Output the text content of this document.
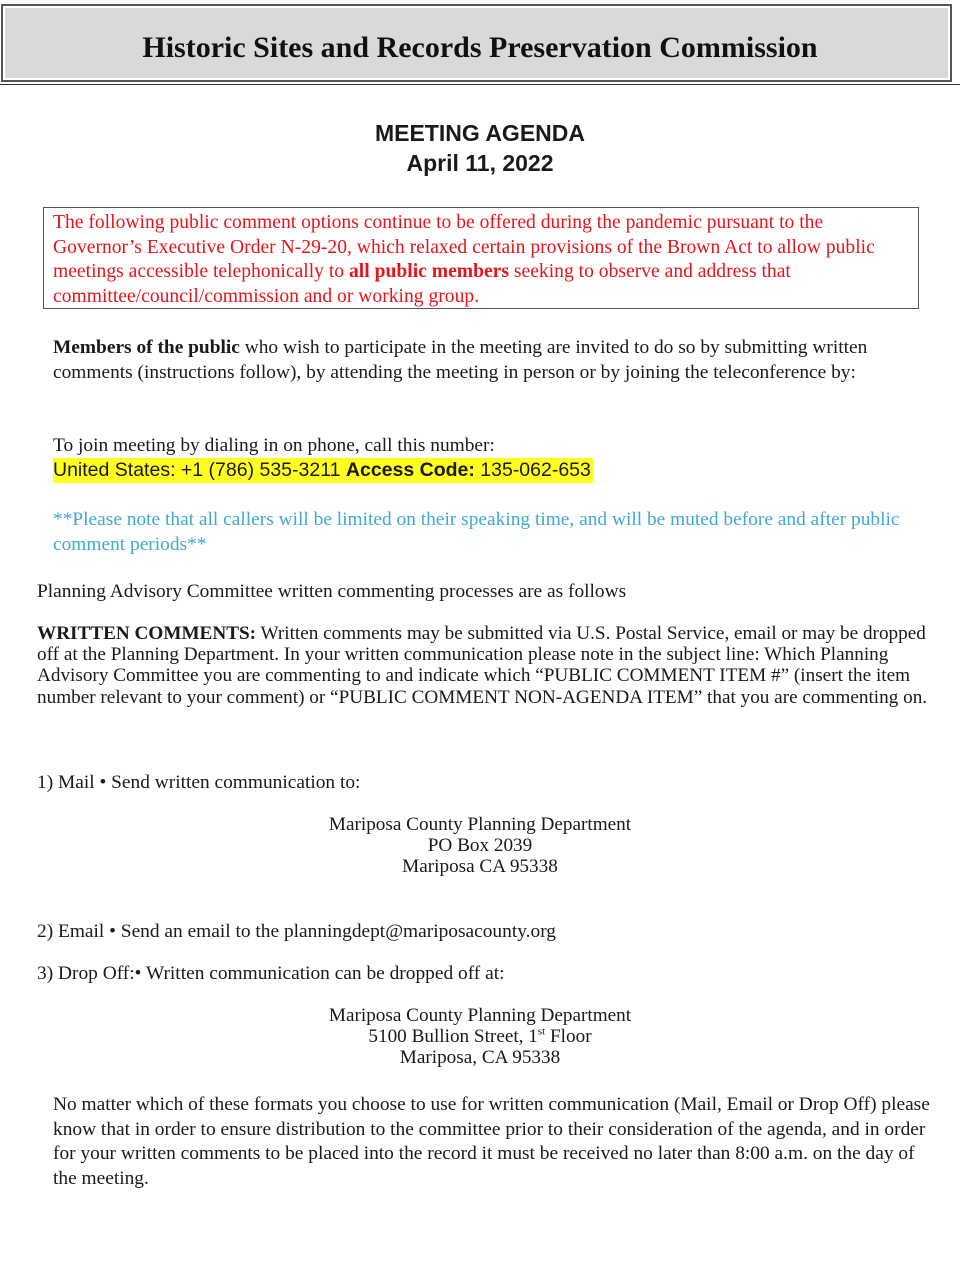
Historic Sites and Records Preservation Commission
MEETING AGENDA
April 11, 2022
The following public comment options continue to be offered during the pandemic pursuant to the Governor’s Executive Order N-29-20, which relaxed certain provisions of the Brown Act to allow public meetings accessible telephonically to all public members seeking to observe and address that committee/council/commission and or working group.
Members of the public who wish to participate in the meeting are invited to do so by submitting written comments (instructions follow), by attending the meeting in person or by joining the teleconference by:
To join meeting by dialing in on phone, call this number:
United States: +1 (786) 535-3211 Access Code: 135-062-653
**Please note that all callers will be limited on their speaking time, and will be muted before and after public comment periods**
Planning Advisory Committee written commenting processes are as follows
WRITTEN COMMENTS: Written comments may be submitted via U.S. Postal Service, email or may be dropped off at the Planning Department. In your written communication please note in the subject line: Which Planning Advisory Committee you are commenting to and indicate which “PUBLIC COMMENT ITEM #” (insert the item number relevant to your comment) or “PUBLIC COMMENT NON-AGENDA ITEM” that you are commenting on.
1) Mail • Send written communication to:
Mariposa County Planning Department
PO Box 2039
Mariposa CA 95338
2) Email • Send an email to the planningdept@mariposacounty.org
3) Drop Off:• Written communication can be dropped off at:
Mariposa County Planning Department
5100 Bullion Street, 1st Floor
Mariposa, CA 95338
No matter which of these formats you choose to use for written communication (Mail, Email or Drop Off) please know that in order to ensure distribution to the committee prior to their consideration of the agenda, and in order for your written comments to be placed into the record it must be received no later than 8:00 a.m. on the day of the meeting.
